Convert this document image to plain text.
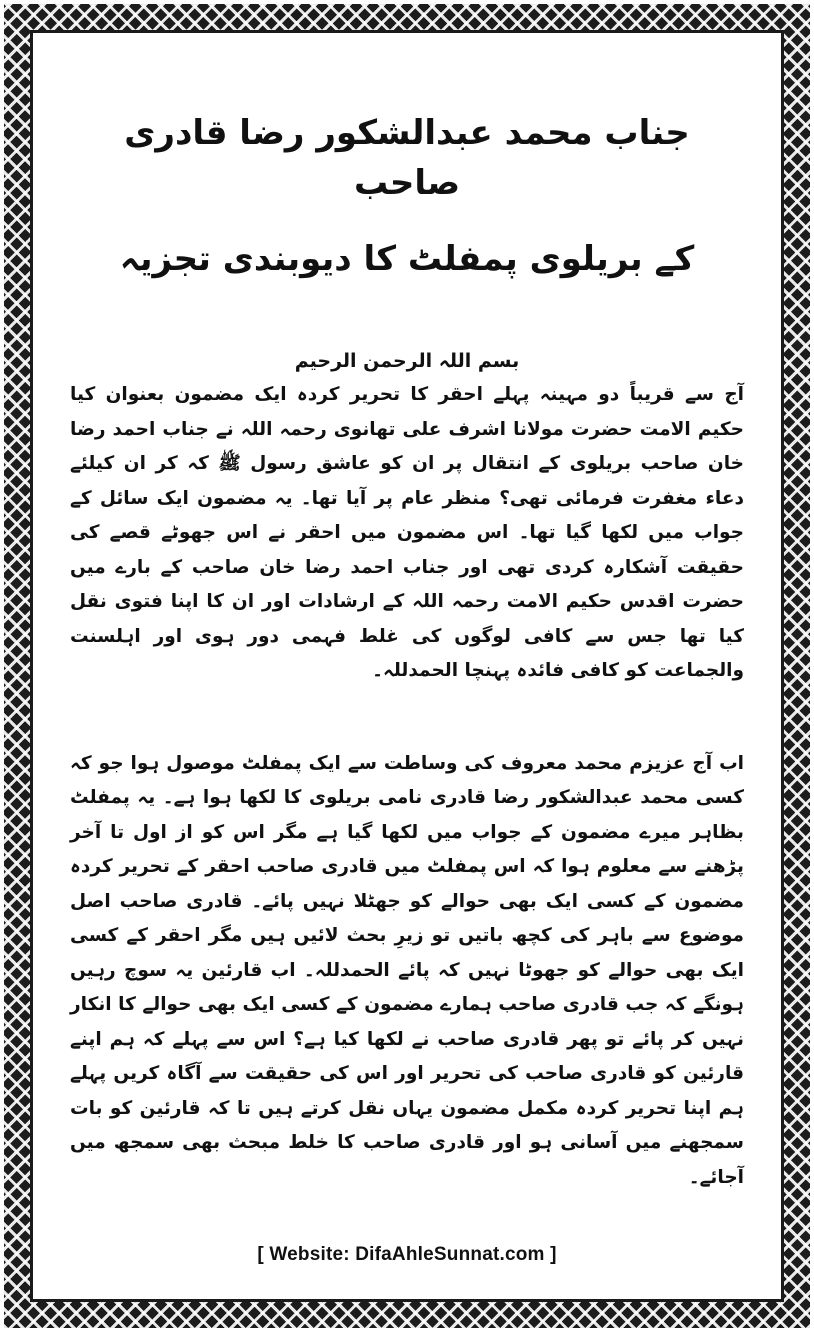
جناب محمد عبدالشکور رضا قادری صاحب
کے بریلوی پمفلٹ کا دیوبندی تجزیہ
بسم اللہ الرحمن الرحیم

آج سے قریباً دو مہینہ پہلے احقر کا تحریر کردہ ایک مضمون بعنوان کیا حکیم الامت حضرت مولانا اشرف علی تھانوی رحمہ اللہ نے جناب احمد رضا خان صاحب بریلوی کے انتقال پر ان کو عاشق رسول ﷺ کہ کر ان کیلئے دعاء مغفرت فرمائی تھی؟ منظر عام پر آیا تھا۔ یہ مضمون ایک سائل کے جواب میں لکھا گیا تھا۔ اس مضمون میں احقر نے اس جھوٹے قصے کی حقیقت آشکارہ کردی تھی اور جناب احمد رضا خان صاحب کے بارے میں حضرت اقدس حکیم الامت رحمہ اللہ کے ارشادات اور ان کا اپنا فتوی نقل کیا تھا جس سے کافی لوگوں کی غلط فہمی دور ہوی اور اہلسنت والجماعت کو کافی فائدہ پہنچا الحمدللہ۔

اب آج عزیزم محمد معروف کی وساطت سے ایک پمفلٹ موصول ہوا جو کہ کسی محمد عبدالشکور رضا قادری نامی بریلوی کا لکھا ہوا ہے۔ یہ پمفلٹ بظاہر میرے مضمون کے جواب میں لکھا گیا ہے مگر اس کو از اول تا آخر پڑھنے سے معلوم ہوا کہ اس پمفلٹ میں قادری صاحب احقر کے تحریر کردہ مضمون کے کسی ایک بھی حوالے کو جھٹلا نہیں پائے۔ قادری صاحب اصل موضوع سے باہر کی کچھ باتیں تو زیرِ بحث لائیں ہیں مگر احقر کے کسی ایک بھی حوالے کو جھوٹا نہیں کہ پائے الحمدللہ۔ اب قارئین یہ سوچ رہیں ہونگے کہ جب قادری صاحب ہمارے مضمون کے کسی ایک بھی حوالے کا انکار نہیں کر پائے تو پھر قادری صاحب نے لکھا کیا ہے؟ اس سے پہلے کہ ہم اپنے قارئین کو قادری صاحب کی تحریر اور اس کی حقیقت سے آگاہ کریں پہلے ہم اپنا تحریر کردہ مکمل مضمون یہاں نقل کرتے ہیں تا کہ قارئین کو بات سمجھنے میں آسانی ہو اور قادری صاحب کا خلط مبحث بھی سمجھ میں آجائے۔

[ Website: DifaAhleSunnat.com ]
